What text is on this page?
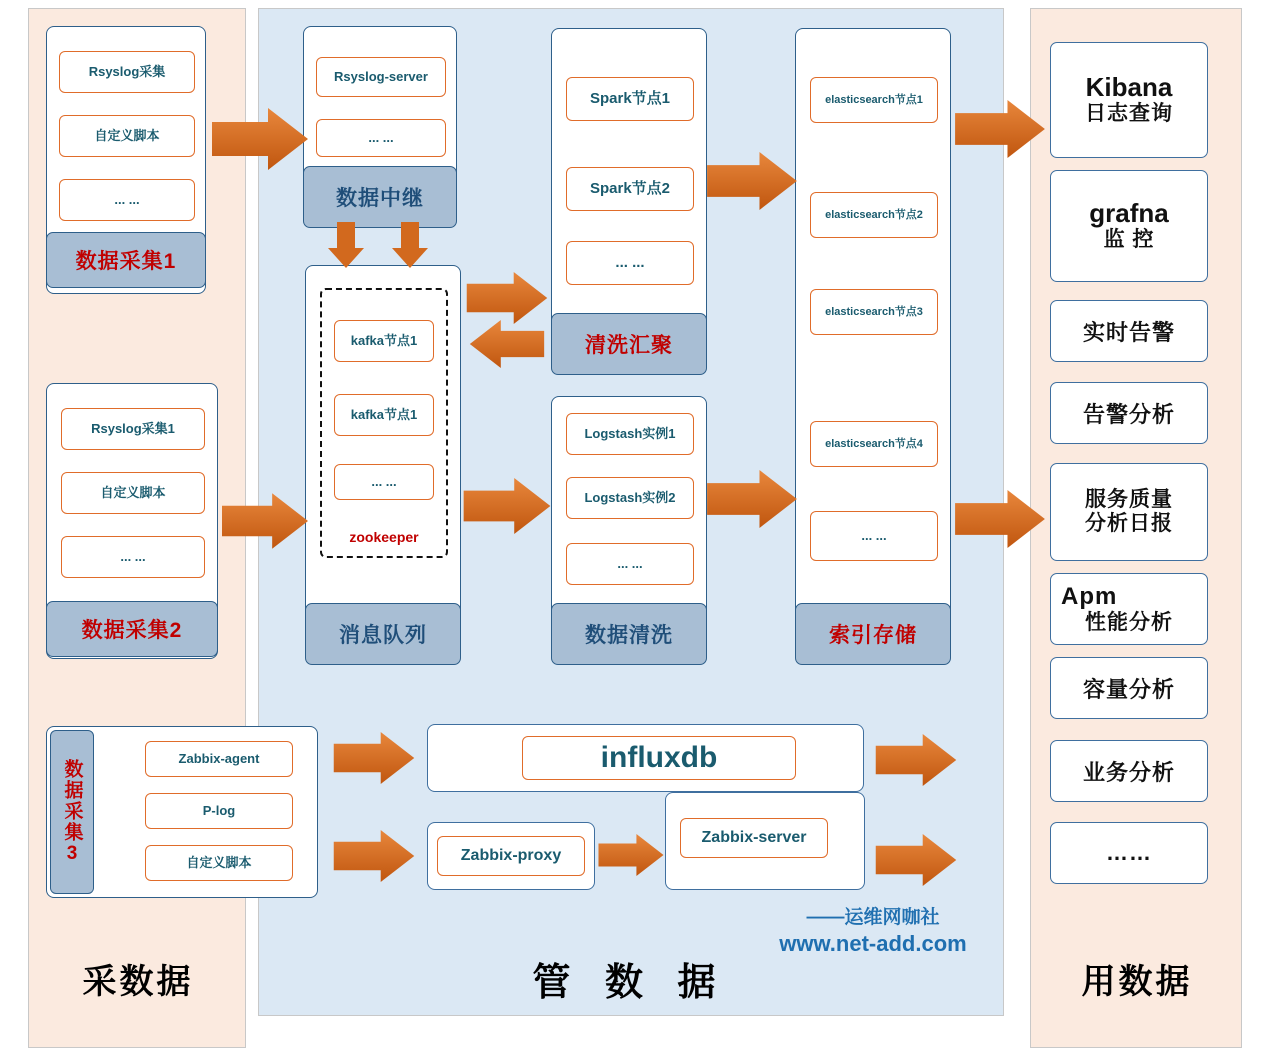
Rsyslog采集
自定义脚本
... ...
数据采集1
Rsyslog采集1
自定义脚本
... ...
数据采集2
Zabbix-agent
P-log
自定义脚本
数据采集3
Rsyslog-server
... ...
数据中继
kafka节点1
kafka节点1
... ...
zookeeper
消息队列
Spark节点1
Spark节点2
... ...
清洗汇聚
Logstash实例1
Logstash实例2
... ...
数据清洗
elasticsearch节点1
elasticsearch节点2
elasticsearch节点3
elasticsearch节点4
... ...
索引存储
influxdb
Zabbix-proxy
Zabbix-server
Kibana
日志查询
grafna
监 控
实时告警
告警分析
服务质量
分析日报
Apm
性能分析
容量分析
业务分析
……
——运维网咖社
www.net-add.com
采数据	管 数 据	用数据
